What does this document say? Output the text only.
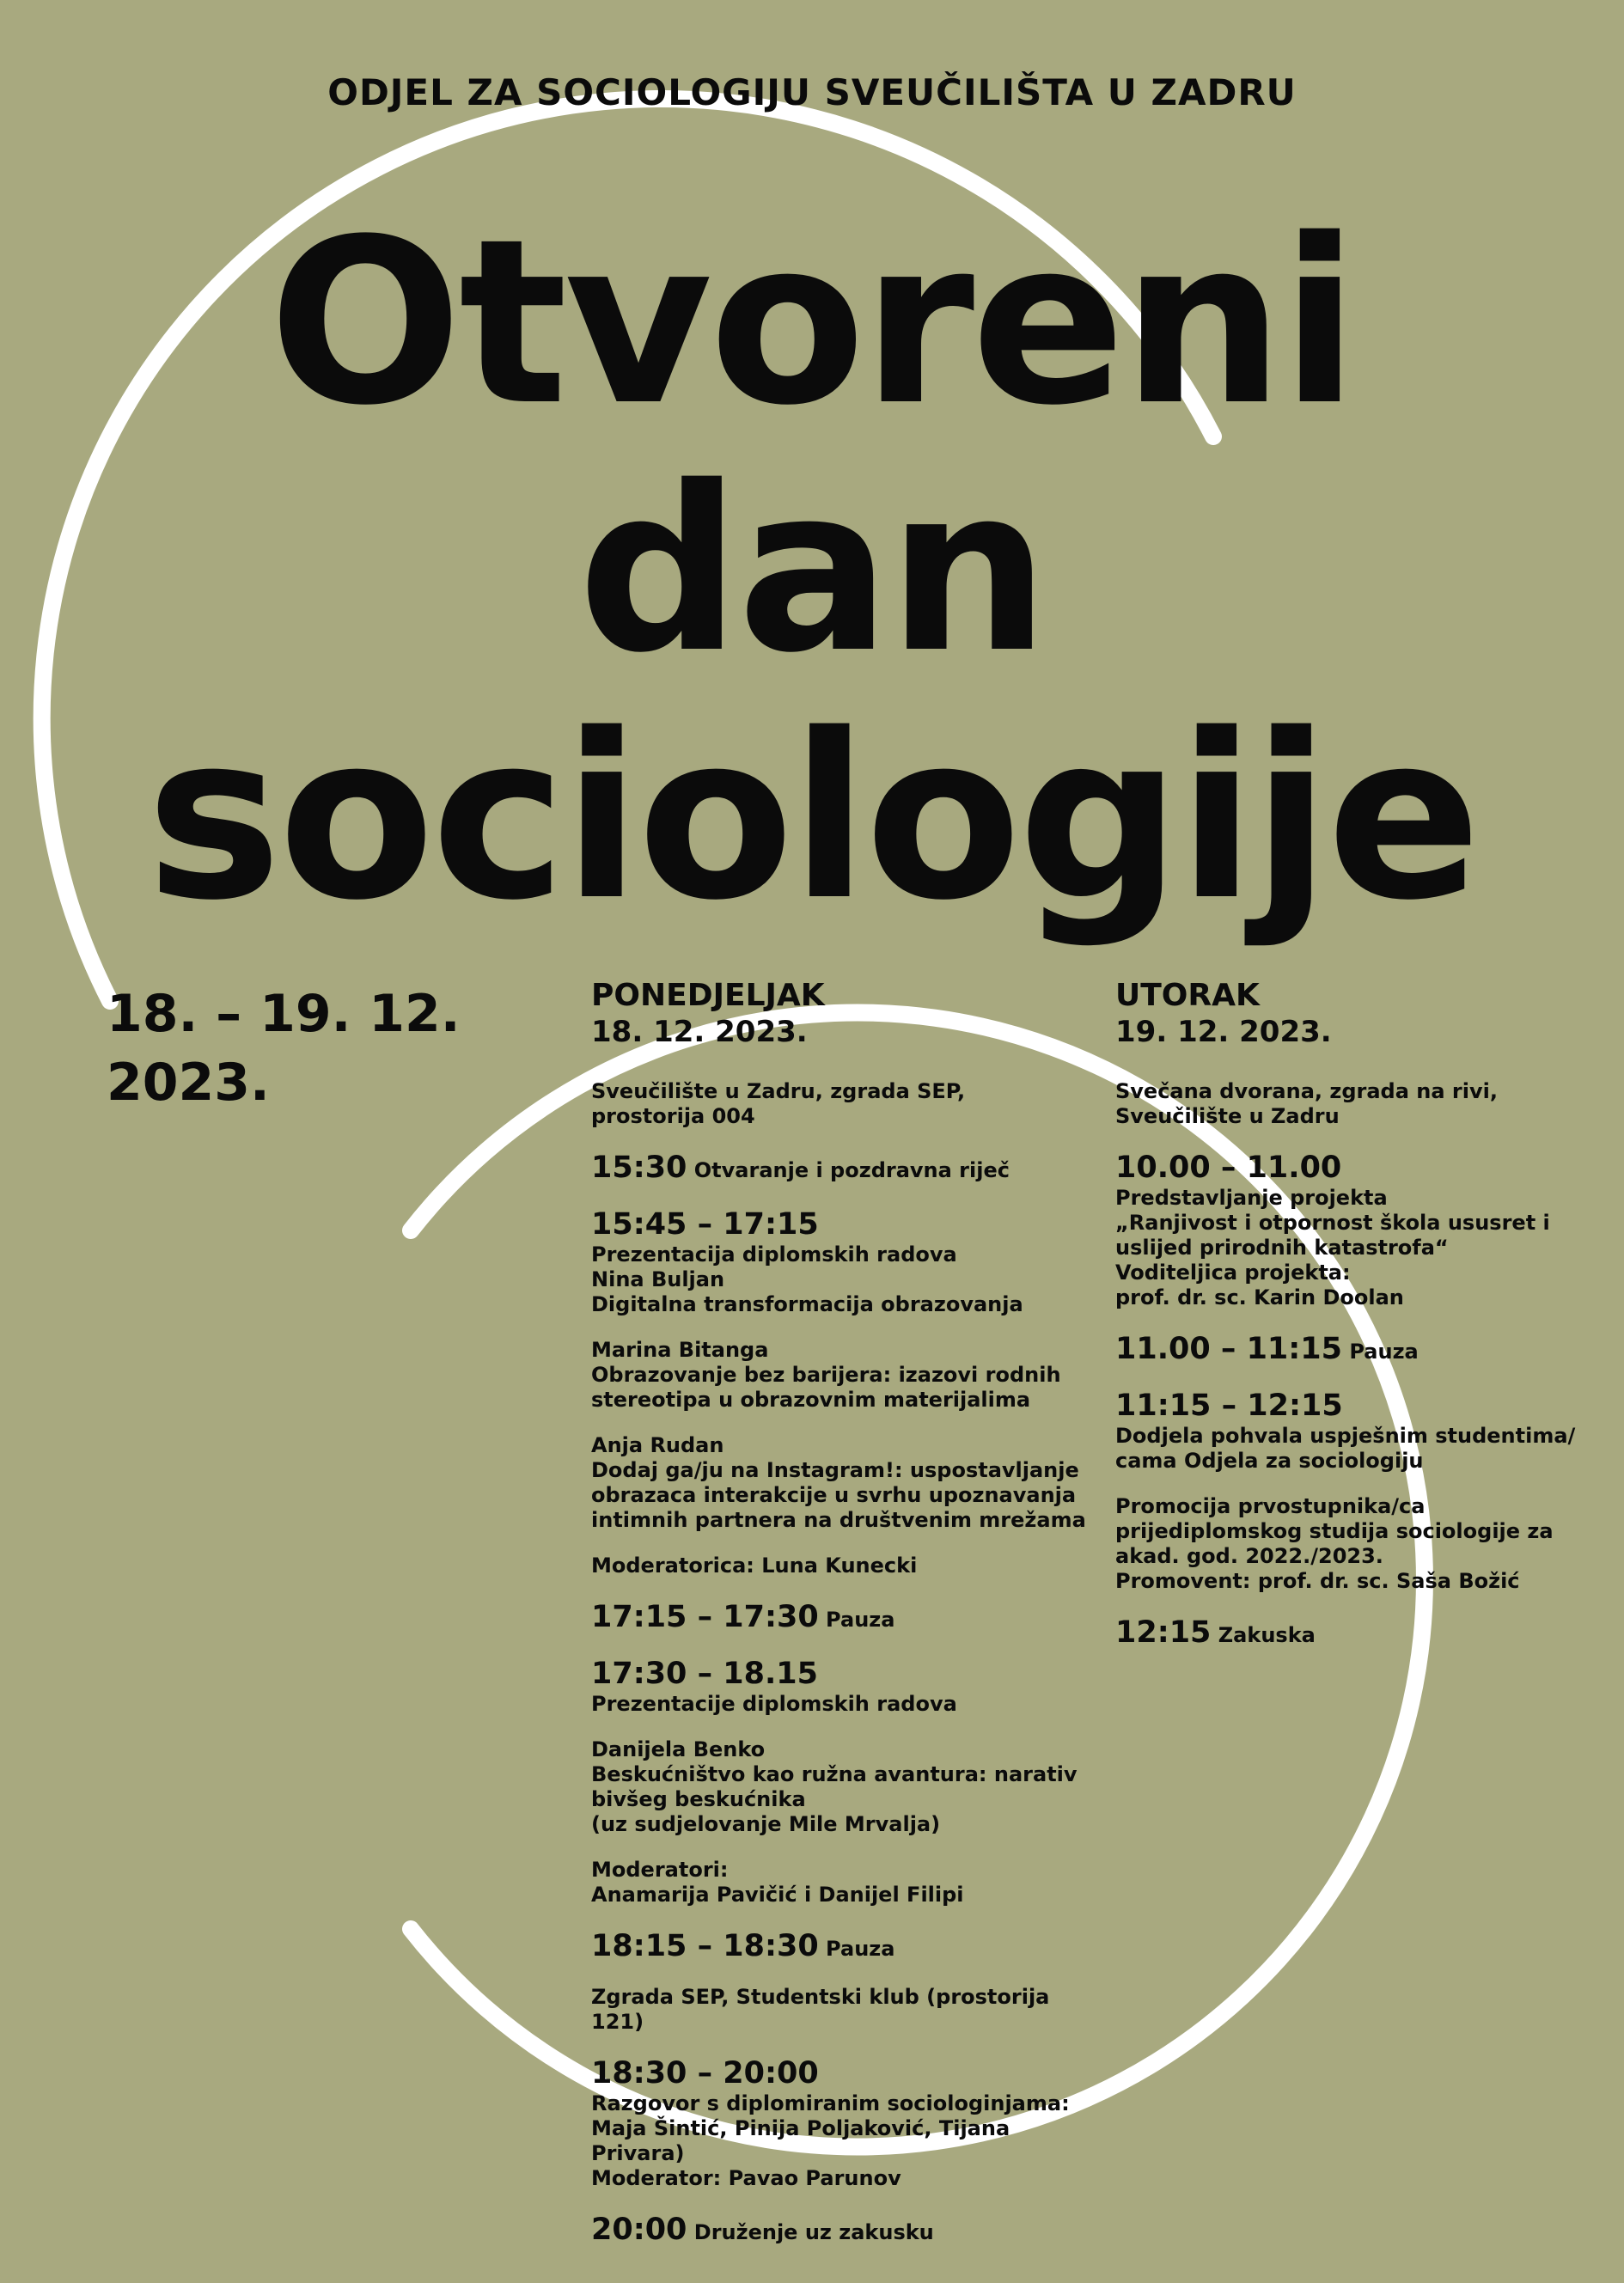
ODJEL ZA SOCIOLOGIJU SVEUČILIŠTA U ZADRU
Otvoreni
dan
sociologije
18. – 19. 12.
2023.
PONEDJELJAK
18. 12. 2023.
Sveučilište u Zadru, zgrada SEP,
prostorija 004
15:30 Otvaranje i pozdravna riječ
15:45 – 17:15
Prezentacija diplomskih radova
Nina Buljan
Digitalna transformacija obrazovanja
Marina Bitanga
Obrazovanje bez barijera: izazovi rodnih
stereotipa u obrazovnim materijalima
Anja Rudan
Dodaj ga/ju na Instagram!: uspostavljanje
obrazaca interakcije u svrhu upoznavanja
intimnih partnera na društvenim mrežama
Moderatorica: Luna Kunecki
17:15 – 17:30 Pauza
17:30 – 18.15
Prezentacije diplomskih radova
Danijela Benko
Beskućništvo kao ružna avantura: narativ
bivšeg beskućnika
(uz sudjelovanje Mile Mrvalja)
Moderatori:
Anamarija Pavičić i Danijel Filipi
18:15 – 18:30 Pauza
Zgrada SEP, Studentski klub (prostorija 121)
18:30 – 20:00
Razgovor s diplomiranim sociologinjama:
Maja Šintić, Pinija Poljaković, Tijana
Privara)
Moderator: Pavao Parunov
20:00 Druženje uz zakusku
UTORAK
19. 12. 2023.
Svečana dvorana, zgrada na rivi,
Sveučilište u Zadru
10.00 – 11.00
Predstavljanje projekta
„Ranjivost i otpornost škola ususret i
uslijed prirodnih katastrofa“
Voditeljica projekta:
prof. dr. sc. Karin Doolan
11.00 – 11:15 Pauza
11:15 – 12:15
Dodjela pohvala uspješnim studentima/
cama Odjela za sociologiju
Promocija prvostupnika/ca
prijediplomskog studija sociologije za
akad. god. 2022./2023.
Promovent: prof. dr. sc. Saša Božić
12:15 Zakuska
